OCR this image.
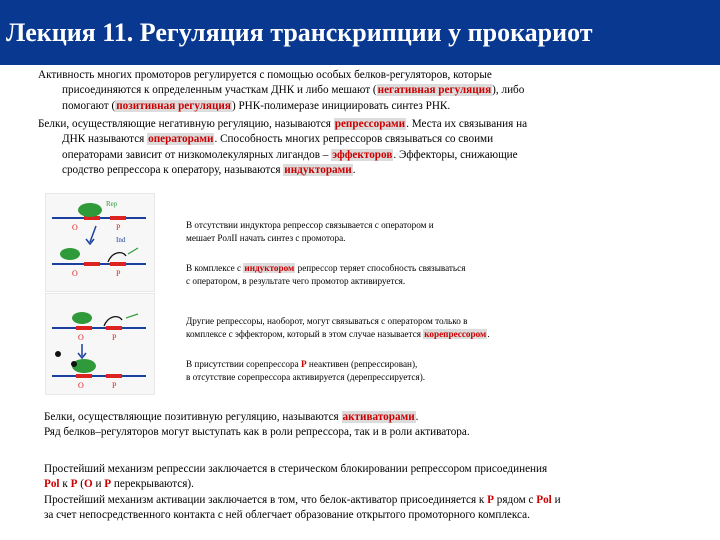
Лекция 11. Регуляция транскрипции у прокариот
Активность многих промоторов регулируется с помощью особых белков-регуляторов, которые
присоединяются к определенным участкам ДНК и либо мешают (негативная регуляция), либо
помогают (позитивная регуляция) РНК-полимеразе инициировать синтез РНК.
Белки, осуществляющие негативную регуляцию, называются репрессорами. Места их связывания на
ДНК называются операторами. Способность многих репрессоров связываться со своими
операторами зависит от низкомолекулярных лигандов – эффекторов. Эффекторы, снижающие
сродство репрессора к оператору, называются индукторами.
Rep
O	P
Ind
O	P
В отсутствии индуктора репрессор связывается с оператором и
мешает РолII начать синтез с промотора.
В комплексе с индуктором репрессор теряет способность связываться
с оператором, в результате чего промотор активируется.
O	P
O	P
Другие репрессоры, наоборот, могут связываться с оператором только в
комплексе с эффектором, который в этом случае называется корепрессором.
В присутствии сорепрессора P неактивен (репрессирован),
в отсутствие сорепрессора активируется (дерепрессируется).
Белки, осуществляющие позитивную регуляцию, называются активаторами.
Ряд белков–регуляторов могут выступать как в роли репрессора, так и в роли активатора.
Простейший механизм репрессии заключается в стерическом блокировании репрессором присоединения
Pol к P (O и P перекрываются).
Простейший механизм активации заключается в том, что белок-активатор присоединяется к P рядом с Pol и
за счет непосредственного контакта с ней облегчает образование открытого промоторного комплекса.
